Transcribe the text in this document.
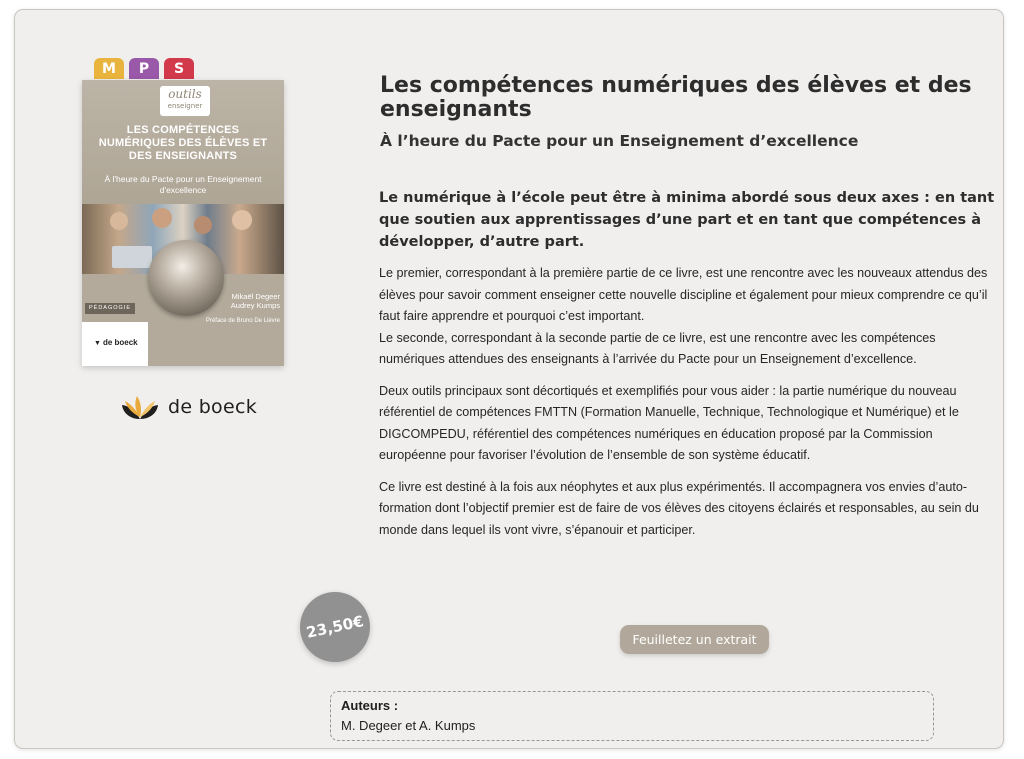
M	P	S
outils
enseigner
LES COMPÉTENCES NUMÉRIQUES DES ÉLÈVES ET DES ENSEIGNANTS
À l'heure du Pacte pour un Enseignement d'excellence
Mikaël Degeer
Audrey Kumps
PÉDAGOGIE
Préface de Bruno De Lièvre
▼ de boeck
de boeck
Les compétences numériques des élèves et des enseignants
À l’heure du Pacte pour un Enseignement d’excellence

Le numérique à l’école peut être à minima abordé sous deux axes : en tant que soutien aux apprentissages d’une part et en tant que compétences à développer, d’autre part.

Le premier, correspondant à la première partie de ce livre, est une rencontre avec les nouveaux attendus des élèves pour savoir comment enseigner cette nouvelle discipline et également pour mieux comprendre ce qu’il faut faire apprendre et pourquoi c’est important.
Le seconde, correspondant à la seconde partie de ce livre, est une rencontre avec les compétences numériques attendues des enseignants à l’arrivée du Pacte pour un Enseignement d’excellence.

Deux outils principaux sont décortiqués et exemplifiés pour vous aider : la partie numérique du nouveau référentiel de compétences FMTTN (Formation Manuelle, Technique, Technologique et Numérique) et le DIGCOMPEDU, référentiel des compétences numériques en éducation proposé par la Commission européenne pour favoriser l’évolution de l’ensemble de son système éducatif.

Ce livre est destiné à la fois aux néophytes et aux plus expérimentés. Il accompagnera vos envies d’auto-formation dont l’objectif premier est de faire de vos élèves des citoyens éclairés et responsables, au sein du monde dans lequel ils vont vivre, s’épanouir et participer.

23,50€	Feuilletez un extrait
Auteurs :
M. Degeer et A. Kumps
